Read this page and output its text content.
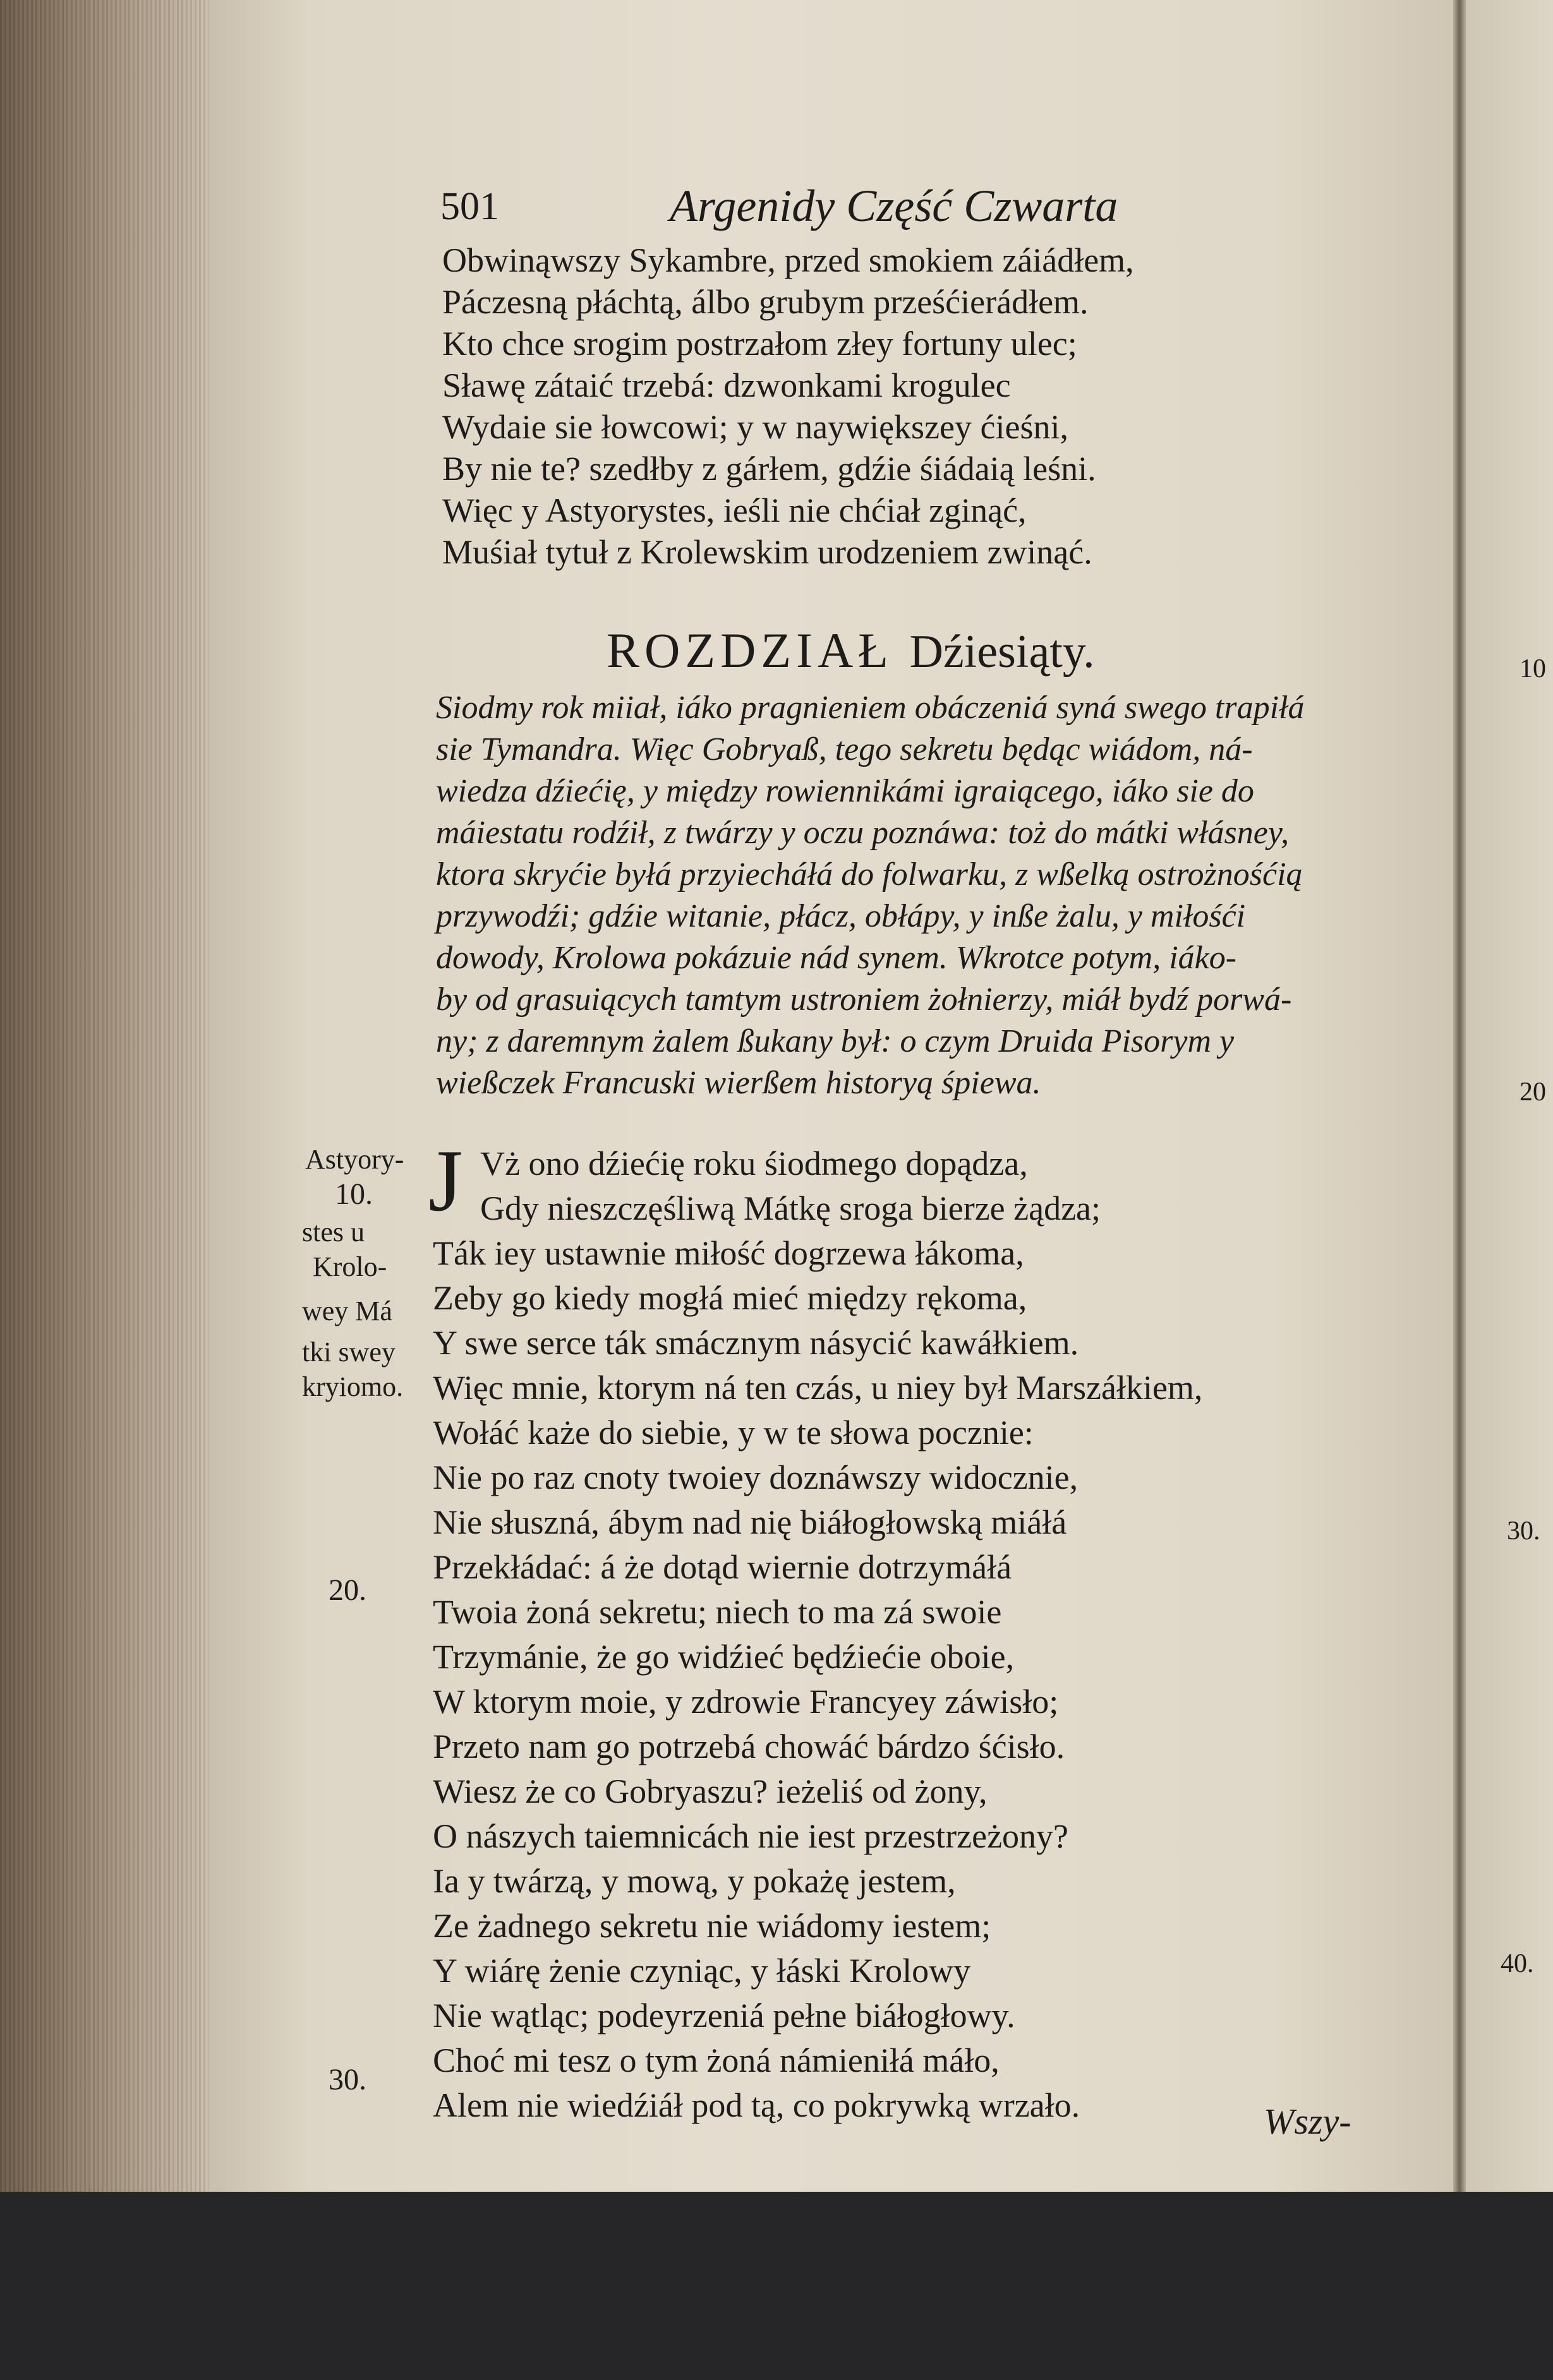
501	Argenidy Część Czwarta
Obwinąwszy Sykambre, przed smokiem záiádłem,
Páczesną płáchtą, álbo grubym prześćierádłem.
Kto chce srogim postrzałom złey fortuny ulec;
Sławę zátaić trzebá: dzwonkami krogulec
Wydaie sie łowcowi; y w naywiększey ćieśni,
By nie te? szedłby z gárłem, gdźie śiádaią leśni.
Więc y Astyorystes, ieśli nie chćiał zginąć,
Muśiał tytuł z Krolewskim urodzeniem zwinąć.
ROZDZIAŁ Dźiesiąty.
Siodmy rok miiał, iáko pragnieniem obáczeniá syná swego trapiłá
sie Tymandra. Więc Gobryaß, tego sekretu będąc wiádom, ná-
wiedza dźiećię, y między rowiennikámi igraiącego, iáko sie do
máiestatu rodźił, z twárzy y oczu poznáwa: toż do mátki włásney,
ktora skryćie byłá przyiecháłá do folwarku, z wßelką ostrożnośćią
przywodźi; gdźie witanie, płácz, obłápy, y inße żalu, y miłośći
dowody, Krolowa pokázuie nád synem. Wkrotce potym, iáko-
by od grasuiących tamtym ustroniem żołnierzy, miáł bydź porwá-
ny; z daremnym żalem ßukany był: o czym Druida Pisorym y
wießczek Francuski wierßem historyą śpiewa.
J Vż ono dźiećię roku śiodmego dopądza,
Gdy nieszczęśliwą Mátkę sroga bierze żądza;
Ták iey ustawnie miłość dogrzewa łákoma,
Zeby go kiedy mogłá mieć między rękoma,
Y swe serce ták smácznym násycić kawáłkiem.
Więc mnie, ktorym ná ten czás, u niey był Marszáłkiem,
Wołáć każe do siebie, y w te słowa pocznie:
Nie po raz cnoty twoiey doznáwszy widocznie,
Nie słuszná, ábym nad nię biáłogłowską miáłá
Przekłádać: á że dotąd wiernie dotrzymáłá
Twoia żoná sekretu; niech to ma zá swoie
Trzymánie, że go widźieć będźiećie oboie,
W ktorym moie, y zdrowie Francyey záwisło;
Przeto nam go potrzebá chowáć bárdzo śćisło.
Wiesz że co Gobryaszu? ieżeliś od żony,
O nászych taiemnicách nie iest przestrzeżony?
Ia y twárzą, y mową, y pokażę jestem,
Ze żadnego sekretu nie wiádomy iestem;
Y wiárę żenie czyniąc, y łáski Krolowy
Nie wątląc; podeyrzeniá pełne biáłogłowy.
Choć mi tesz o tym żoná námieniłá máło,
Alem nie wiedźiáł pod tą, co pokrywką wrzało.
Astyory-
stes u
Krolo-
wey Má
tki swey
kryiomo.
20.
30.
10.
10
20
30.
40.
Wszy-
